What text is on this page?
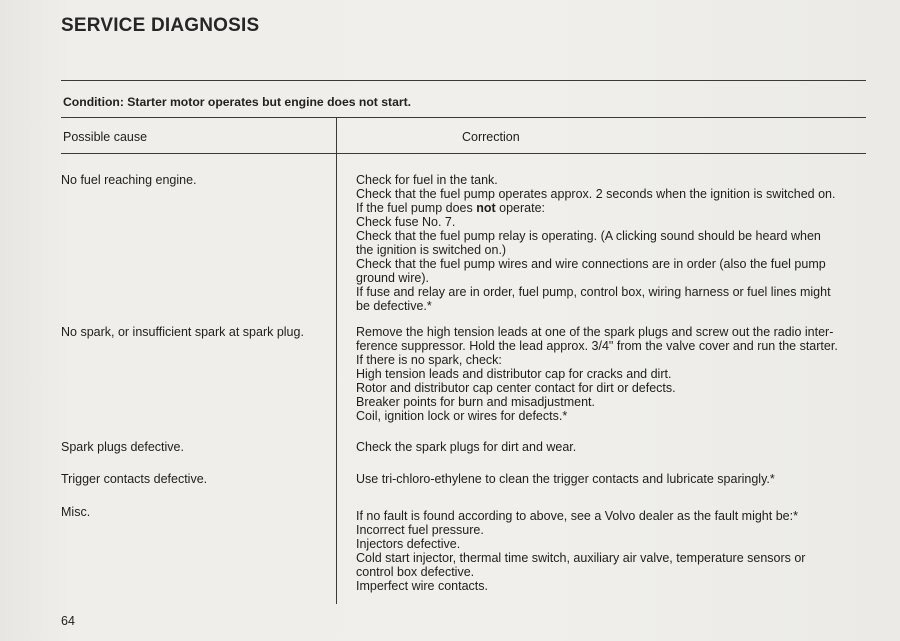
SERVICE DIAGNOSIS
Condition: Starter motor operates but engine does not start.
Possible cause	Correction
No fuel reaching engine.	Check for fuel in the tank.
Check that the fuel pump operates approx. 2 seconds when the ignition is switched on.
If the fuel pump does not operate:
Check fuse No. 7.
Check that the fuel pump relay is operating. (A clicking sound should be heard when
the ignition is switched on.)
Check that the fuel pump wires and wire connections are in order (also the fuel pump
ground wire).
If fuse and relay are in order, fuel pump, control box, wiring harness or fuel lines might
be defective.*
No spark, or insufficient spark at spark plug.	Remove the high tension leads at one of the spark plugs and screw out the radio inter-
ference suppressor. Hold the lead approx. 3/4" from the valve cover and run the starter.
If there is no spark, check:
High tension leads and distributor cap for cracks and dirt.
Rotor and distributor cap center contact for dirt or defects.
Breaker points for burn and misadjustment.
Coil, ignition lock or wires for defects.*
Spark plugs defective.	Check the spark plugs for dirt and wear.
Trigger contacts defective.	Use tri-chloro-ethylene to clean the trigger contacts and lubricate sparingly.*
Misc.	If no fault is found according to above, see a Volvo dealer as the fault might be:*
Incorrect fuel pressure.
Injectors defective.
Cold start injector, thermal time switch, auxiliary air valve, temperature sensors or
control box defective.
Imperfect wire contacts.
64
